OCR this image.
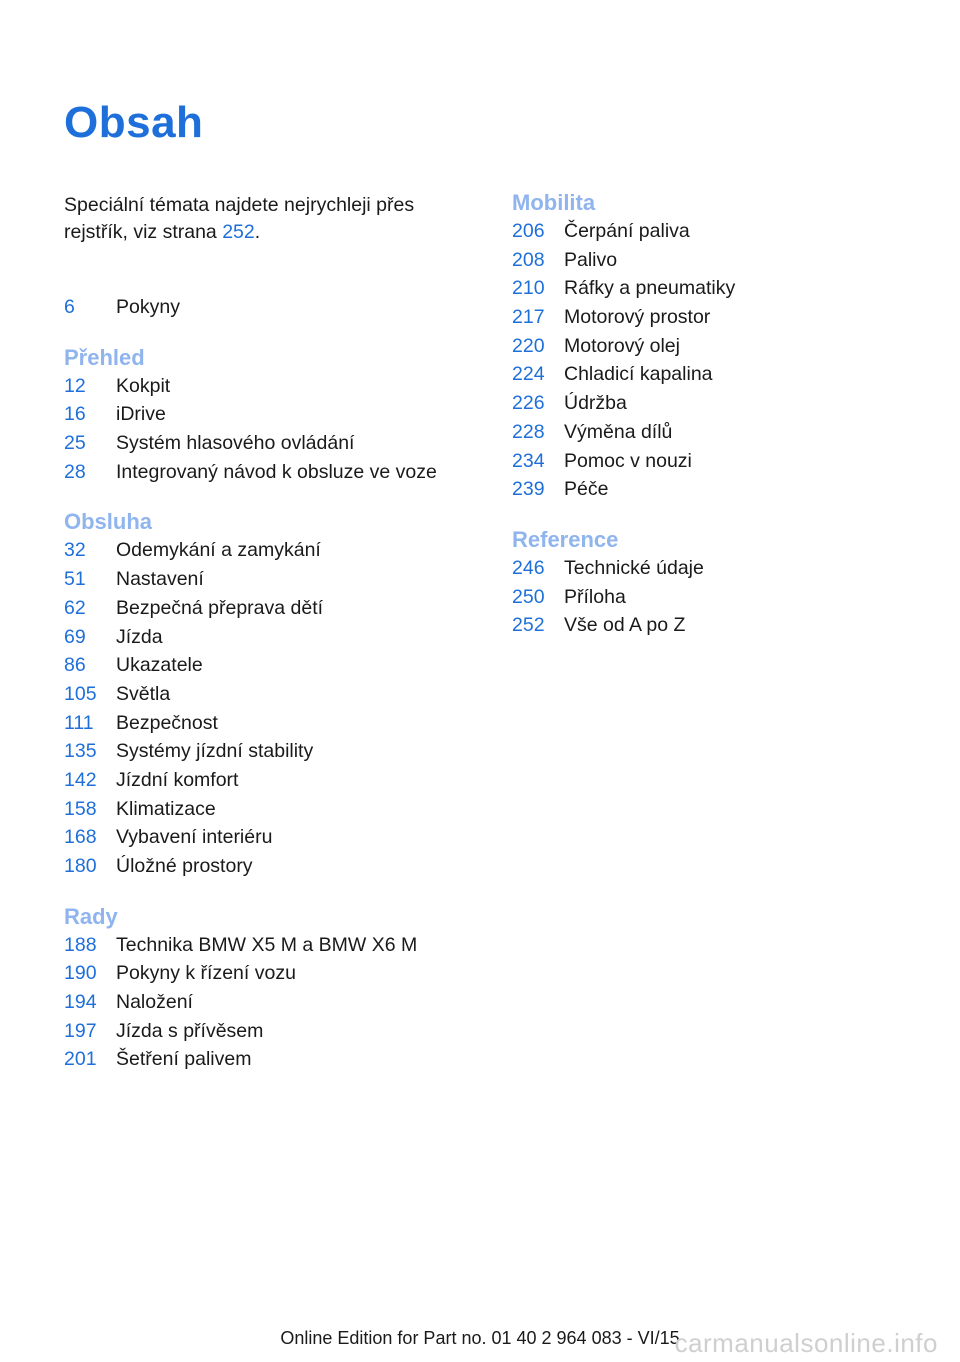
Obsah
Speciální témata najdete nejrychleji přes
rejstřík, viz strana 252.
6	Pokyny
Přehled
12	Kokpit
16	iDrive
25	Systém hlasového ovládání
28	Integrovaný návod k obsluze ve voze
Obsluha
32	Odemykání a zamykání
51	Nastavení
62	Bezpečná přeprava dětí
69	Jízda
86	Ukazatele
105 Světla
111	Bezpečnost
135 Systémy jízdní stability
142 Jízdní komfort
158 Klimatizace
168 Vybavení interiéru
180 Úložné prostory
Rady
188 Technika BMW X5 M a BMW X6 M
190 Pokyny k řízení vozu
194 Naložení
197 Jízda s přívěsem
201 Šetření palivem
Mobilita
206 Čerpání paliva
208 Palivo
210 Ráfky a pneumatiky
217 Motorový prostor
220 Motorový olej
224 Chladicí kapalina
226 Údržba
228 Výměna dílů
234 Pomoc v nouzi
239 Péče
Reference
246 Technické údaje
250 Příloha
252 Vše od A po Z
Online Edition for Part no. 01 40 2 964 083 - VI/15
carmanualsonline.info
